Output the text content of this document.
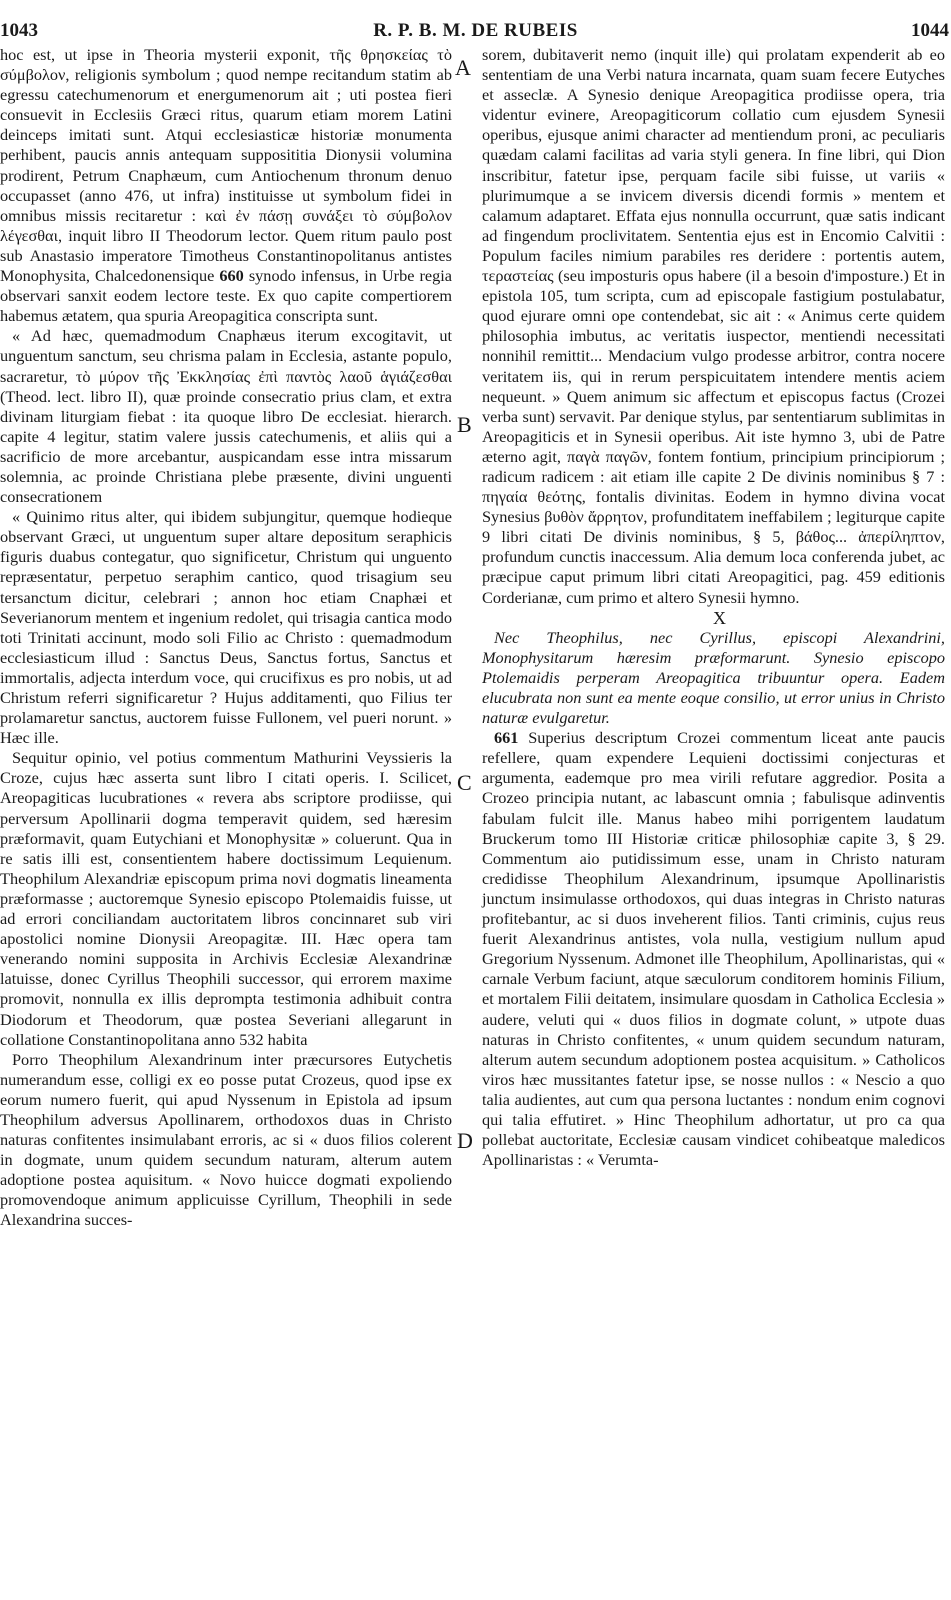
1043	R. P. B. M. DE RUBEIS	1044

hoc est, ut ipse in Theoria mysterii exponit, τῆς θρησκείας τὸ σύμβολον, religionis symbolum ; quod nempe recitandum statim ab egressu catechumenorum et energumenorum ait ; uti postea fieri consuevit in Ecclesiis Græci ritus, quarum etiam morem Latini deinceps imitati sunt. Atqui ecclesiasticæ historiæ monumenta perhibent, paucis annis antequam supposititia Dionysii volumina prodirent, Petrum Cnaphæum, cum Antiochenum thronum denuo occupasset (anno 476, ut infra) instituisse ut symbolum fidei in omnibus missis recitaretur : καὶ ἐν πάσῃ συνάξει τὸ σύμβολον λέγεσθαι, inquit libro II Theodorum lector. Quem ritum paulo post sub Anastasio imperatore Timotheus Constantinopolitanus antistes Monophysita, Chalcedonensique 660 synodo infensus, in Urbe regia observari sanxit eodem lectore teste. Ex quo capite compertiorem habemus ætatem, qua spuria Areopagitica conscripta sunt.

« Ad hæc, quemadmodum Cnaphæus iterum excogitavit, ut unguentum sanctum, seu chrisma palam in Ecclesia, astante populo, sacraretur, τὸ μύρον τῆς Ἐκκλησίας ἐπὶ παντὸς λαοῦ ἁγιάζεσθαι (Theod. lect. libro II), quæ proinde consecratio prius clam, et extra divinam liturgiam fiebat : ita quoque libro De ecclesiat. hierarch. capite 4 legitur, statim valere jussis catechumenis, et aliis qui a sacrificio de more arcebantur, auspicandam esse intra missarum solemnia, ac proinde Christiana plebe præsente, divini unguenti consecrationem

« Quinimo ritus alter, qui ibidem subjungitur, quemque hodieque observant Græci, ut unguentum super altare depositum seraphicis figuris duabus contegatur, quo significetur, Christum qui unguento repræsentatur, perpetuo seraphim cantico, quod trisagium seu tersanctum dicitur, celebrari ; annon hoc etiam Cnaphæi et Severianorum mentem et ingenium redolet, qui trisagia cantica modo toti Trinitati accinunt, modo soli Filio ac Christo : quemadmodum ecclesiasticum illud : Sanctus Deus, Sanctus fortus, Sanctus et immortalis, adjecta interdum voce, qui crucifixus es pro nobis, ut ad Christum referri significaretur ? Hujus additamenti, quo Filius ter prolamaretur sanctus, auctorem fuisse Fullonem, vel pueri norunt. » Hæc ille.

Sequitur opinio, vel potius commentum Mathurini Veyssieris la Croze, cujus hæc asserta sunt libro I citati operis. I. Scilicet, Areopagiticas lucubrationes « revera abs scriptore prodiisse, qui perversum Apollinarii dogma temperavit quidem, sed hæresim præformavit, quam Eutychiani et Monophysitæ » coluerunt. Qua in re satis illi est, consentientem habere doctissimum Lequienum. Theophilum Alexandriæ episcopum prima novi dogmatis lineamenta præformasse ; auctoremque Synesio episcopo Ptolemaidis fuisse, ut ad errori conciliandam auctoritatem libros concinnaret sub viri apostolici nomine Dionysii Areopagitæ. III. Hæc opera tam venerando nomini supposita in Archivis Ecclesiæ Alexandrinæ latuisse, donec Cyrillus Theophili successor, qui errorem maxime promovit, nonnulla ex illis deprompta testimonia adhibuit contra Diodorum et Theodorum, quæ postea Severiani allegarunt in collatione Constantinopolitana anno 532 habita

Porro Theophilum Alexandrinum inter præcursores Eutychetis numerandum esse, colligi ex eo posse putat Crozeus, quod ipse ex eorum numero fuerit, qui apud Nyssenum in Epistola ad ipsum Theophilum adversus Apollinarem, orthodoxos duas in Christo naturas confitentes insimulabant erroris, ac si « duos filios colerent in dogmate, unum quidem secundum naturam, alterum autem adoptione postea aquisitum. « Novo huicce dogmati expoliendo promovendoque animum applicuisse Cyrillum, Theophili in sede Alexandrina succes-

A
B
C
D

sorem, dubitaverit nemo (inquit ille) qui prolatam expenderit ab eo sententiam de una Verbi natura incarnata, quam suam fecere Eutyches et asseclæ. A Synesio denique Areopagitica prodiisse opera, tria videntur evinere, Areopagiticorum collatio cum ejusdem Synesii operibus, ejusque animi character ad mentiendum proni, ac peculiaris quædam calami facilitas ad varia styli genera. In fine libri, qui Dion inscribitur, fatetur ipse, perquam facile sibi fuisse, ut variis « plurimumque a se invicem diversis dicendi formis » mentem et calamum adaptaret. Effata ejus nonnulla occurrunt, quæ satis indicant ad fingendum proclivitatem. Sententia ejus est in Encomio Calvitii : Populum faciles nimium parabiles res deridere : portentis autem, τεραστείας (seu imposturis opus habere (il a besoin d'imposture.) Et in epistola 105, tum scripta, cum ad episcopale fastigium postulabatur, quod ejurare omni ope contendebat, sic ait : « Animus certe quidem philosophia imbutus, ac veritatis iuspector, mentiendi necessitati nonnihil remittit... Mendacium vulgo prodesse arbitror, contra nocere veritatem iis, qui in rerum perspicuitatem intendere mentis aciem nequeunt. » Quem animum sic affectum et episcopus factus (Crozei verba sunt) servavit. Par denique stylus, par sententiarum sublimitas in Areopagiticis et in Synesii operibus. Ait iste hymno 3, ubi de Patre æterno agit, παγὰ παγῶν, fontem fontium, principium principiorum ; radicum radicem : ait etiam ille capite 2 De divinis nominibus § 7 : πηγαία θεότης, fontalis divinitas. Eodem in hymno divina vocat Synesius βυθὸν ἄρρητον, profunditatem ineffabilem ; legiturque capite 9 libri citati De divinis nominibus, § 5, βάθος... ἀπερίληπτον, profundum cunctis inaccessum. Alia demum loca conferenda jubet, ac præcipue caput primum libri citati Areopagitici, pag. 459 editionis Corderianæ, cum primo et altero Synesii hymno.

X

Nec Theophilus, nec Cyrillus, episcopi Alexandrini, Monophysitarum hæresim præformarunt. Synesio episcopo Ptolemaidis perperam Areopagitica tribuuntur opera. Eadem elucubrata non sunt ea mente eoque consilio, ut error unius in Christo naturæ evulgaretur.

661 Superius descriptum Crozei commentum liceat ante paucis refellere, quam expendere Lequieni doctissimi conjecturas et argumenta, eademque pro mea virili refutare aggredior. Posita a Crozeo principia nutant, ac labascunt omnia ; fabulisque adinventis fabulam fulcit ille. Manus habeo mihi porrigentem laudatum Bruckerum tomo III Historiæ criticæ philosophiæ capite 3, § 29. Commentum aio putidissimum esse, unam in Christo naturam credidisse Theophilum Alexandrinum, ipsumque Apollinaristis junctum insimulasse orthodoxos, qui duas integras in Christo naturas profitebantur, ac si duos inveherent filios. Tanti criminis, cujus reus fuerit Alexandrinus antistes, vola nulla, vestigium nullum apud Gregorium Nyssenum. Admonet ille Theophilum, Apollinaristas, qui « carnale Verbum faciunt, atque sæculorum conditorem hominis Filium, et mortalem Filii deitatem, insimulare quosdam in Catholica Ecclesia » audere, veluti qui « duos filios in dogmate colunt, » utpote duas naturas in Christo confitentes, « unum quidem secundum naturam, alterum autem secundum adoptionem postea acquisitum. » Catholicos viros hæc mussitantes fatetur ipse, se nosse nullos : « Nescio a quo talia audientes, aut cum qua persona luctantes : nondum enim cognovi qui talia effutiret. » Hinc Theophilum adhortatur, ut pro ca qua pollebat auctoritate, Ecclesiæ causam vindicet cohibeatque maledicos Apollinaristas : « Verumta-
